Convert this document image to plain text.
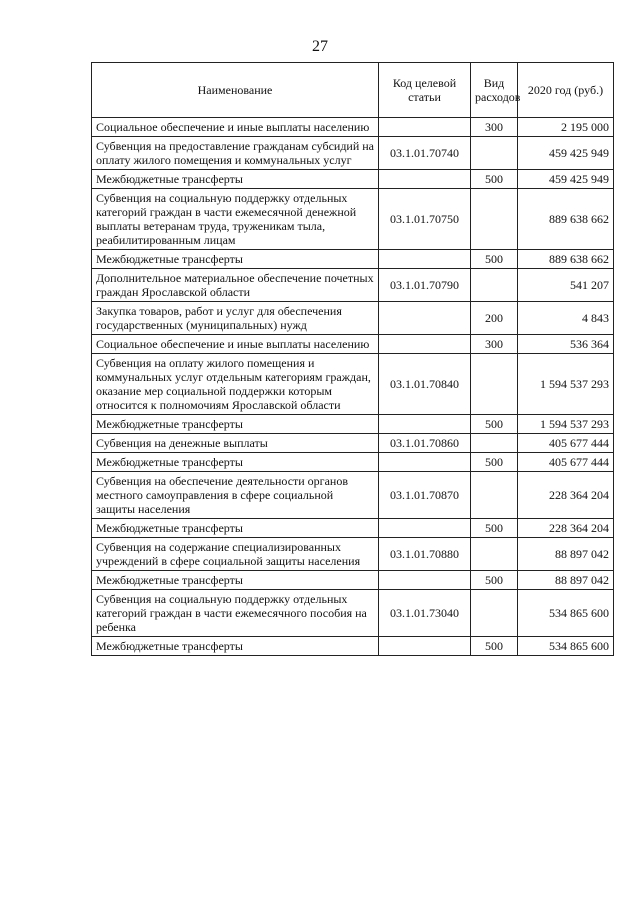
27
Наименование	Код целевой статьи	Вид расходов	2020 год (руб.)
Социальное обеспечение и иные выплаты населению		300	2 195 000
Субвенция на предоставление гражданам субсидий на оплату жилого помещения и коммунальных услуг	03.1.01.70740		459 425 949
Межбюджетные трансферты		500	459 425 949
Субвенция на социальную поддержку отдельных категорий граждан в части ежемесячной денежной выплаты ветеранам труда, труженикам тыла, реабилитированным лицам	03.1.01.70750		889 638 662
Межбюджетные трансферты		500	889 638 662
Дополнительное материальное обеспечение почетных граждан Ярославской области	03.1.01.70790		541 207
Закупка товаров, работ и услуг для обеспечения государственных (муниципальных) нужд		200	4 843
Социальное обеспечение и иные выплаты населению		300	536 364
Субвенция на оплату жилого помещения и коммунальных услуг отдельным категориям граждан, оказание мер социальной поддержки которым относится к полномочиям Ярославской области	03.1.01.70840		1 594 537 293
Межбюджетные трансферты		500	1 594 537 293
Субвенция на денежные выплаты	03.1.01.70860		405 677 444
Межбюджетные трансферты		500	405 677 444
Субвенция на обеспечение деятельности органов местного самоуправления в сфере социальной защиты населения	03.1.01.70870		228 364 204
Межбюджетные трансферты		500	228 364 204
Субвенция на содержание специализированных учреждений в сфере социальной защиты населения	03.1.01.70880		88 897 042
Межбюджетные трансферты		500	88 897 042
Субвенция на социальную поддержку отдельных категорий граждан в части ежемесячного пособия на ребенка	03.1.01.73040		534 865 600
Межбюджетные трансферты		500	534 865 600
